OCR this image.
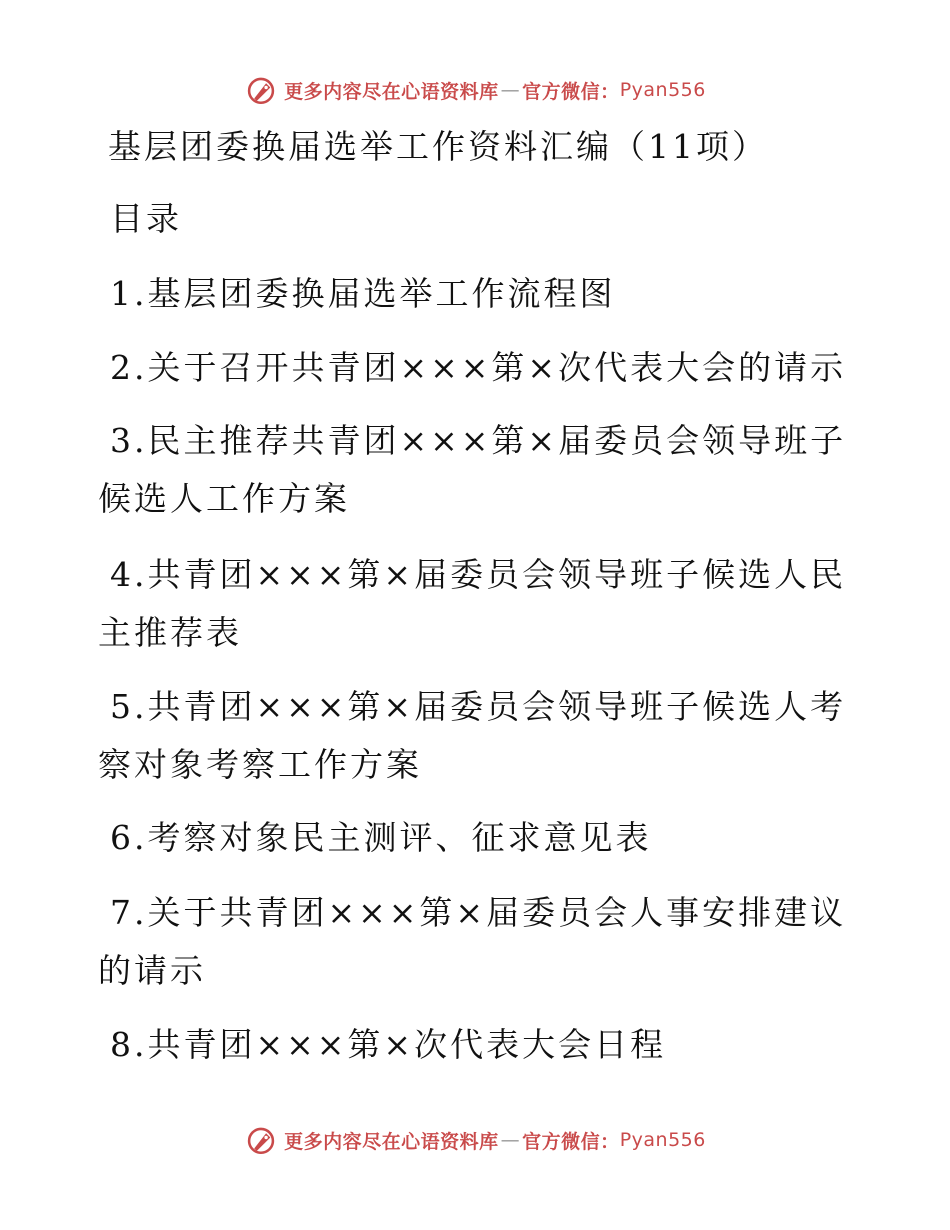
更多内容尽在心语资料库 — 官方微信： Pyan556
基层团委换届选举工作资料汇编（11项）
目录
1.基层团委换届选举工作流程图
2.关于召开共青团×××第×次代表大会的请示
3.民主推荐共青团×××第×届委员会领导班子
候选人工作方案
4.共青团×××第×届委员会领导班子候选人民
主推荐表
5.共青团×××第×届委员会领导班子候选人考
察对象考察工作方案
6.考察对象民主测评、征求意见表
7.关于共青团×××第×届委员会人事安排建议
的请示
8.共青团×××第×次代表大会日程
更多内容尽在心语资料库 — 官方微信： Pyan556
